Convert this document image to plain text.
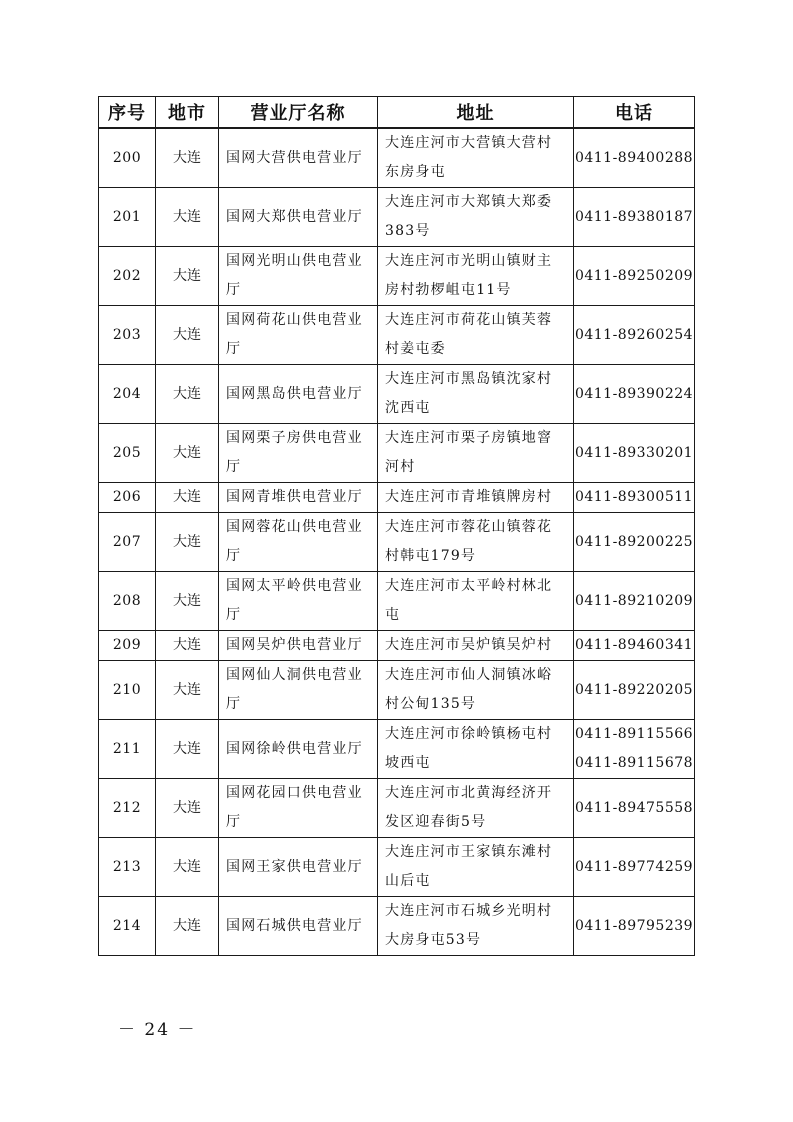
序号	地市	营业厅名称	地址	电话
200	大连	国网大营供电营业厅	大连庄河市大营镇大营村东房身屯	0411-89400288

201	大连	国网大郑供电营业厅	大连庄河市大郑镇大郑委383号	0411-89380187

202	大连	国网光明山供电营业厅	大连庄河市光明山镇财主房村勃椤岨屯11号	0411-89250209

203	大连	国网荷花山供电营业厅	大连庄河市荷花山镇芙蓉村姜屯委	0411-89260254

204	大连	国网黑岛供电营业厅	大连庄河市黑岛镇沈家村沈西屯	0411-89390224

205	大连	国网栗子房供电营业厅	大连庄河市栗子房镇地窨河村	0411-89330201

206	大连	国网青堆供电营业厅	大连庄河市青堆镇牌房村	0411-89300511

207	大连	国网蓉花山供电营业厅	大连庄河市蓉花山镇蓉花村韩屯179号	0411-89200225

208	大连	国网太平岭供电营业厅	大连庄河市太平岭村林北屯	0411-89210209

209	大连	国网吴炉供电营业厅	大连庄河市吴炉镇吴炉村	0411-89460341

210	大连	国网仙人洞供电营业厅	大连庄河市仙人洞镇冰峪村公甸135号	0411-89220205

211	大连	国网徐岭供电营业厅	大连庄河市徐岭镇杨屯村坡西屯	0411-89115566
0411-89115678

212	大连	国网花园口供电营业厅	大连庄河市北黄海经济开发区迎春街5号	0411-89475558

213	大连	国网王家供电营业厅	大连庄河市王家镇东滩村山后屯	0411-89774259

214	大连	国网石城供电营业厅	大连庄河市石城乡光明村大房身屯53号	0411-89795239
－ 24 －
